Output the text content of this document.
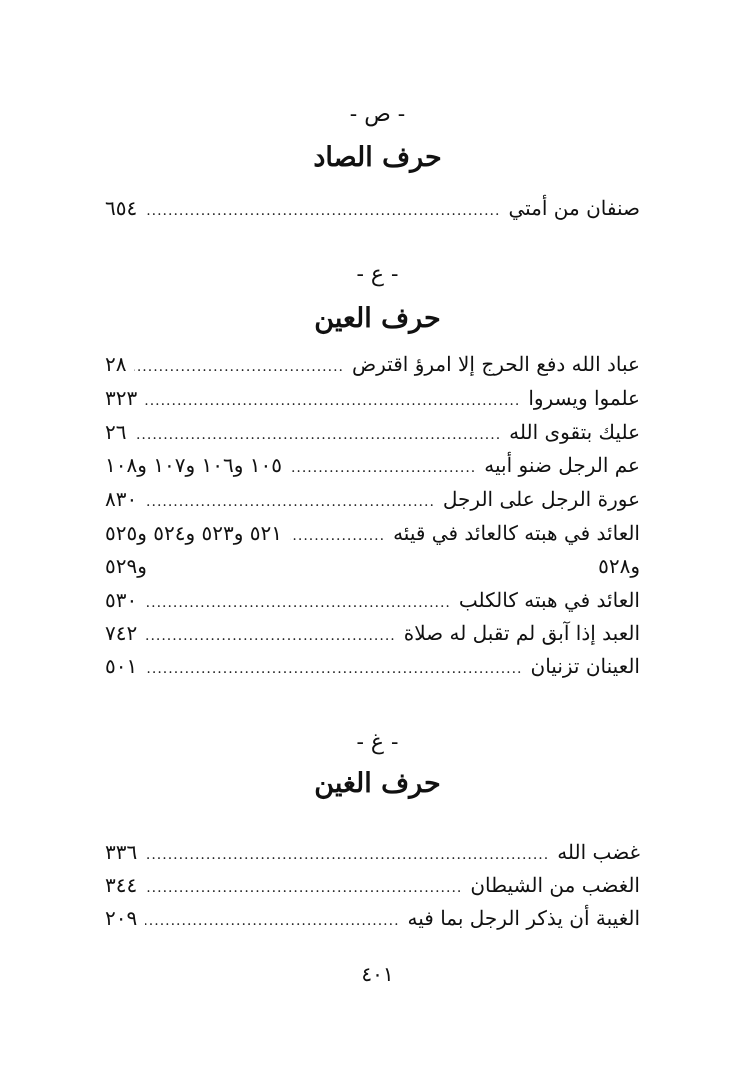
- ص -
حرف الصاد
صنفان من أمتي
.....
٦٥٤
- ع -
حرف العين
عباد الله دفع الحرج إلا امرؤ اقترض
.....
٢٨
علموا ويسروا
.....
٣٢٣
عليك بتقوى الله
.....
٢٦
عم الرجل ضنو أبيه
.....
١٠٥ و١٠٦ و١٠٧ و١٠٨
عورة الرجل على الرجل
.....
٨٣٠
العائد في هبته كالعائد في قيئه
.....
٥٢١ و٥٢٣ و٥٢٤ و٥٢٥
و٥٢٩	و٥٢٨
العائد في هبته كالكلب
.....
٥٣٠
العبد إذا آبق لم تقبل له صلاة
.....
٧٤٢
العينان تزنيان
.....
٥٠١
- غ -
حرف الغين
غضب الله
.....
٣٣٦
الغضب من الشيطان
.....
٣٤٤
الغيبة أن يذكر الرجل بما فيه
.....
٢٠٩
٤٠١
